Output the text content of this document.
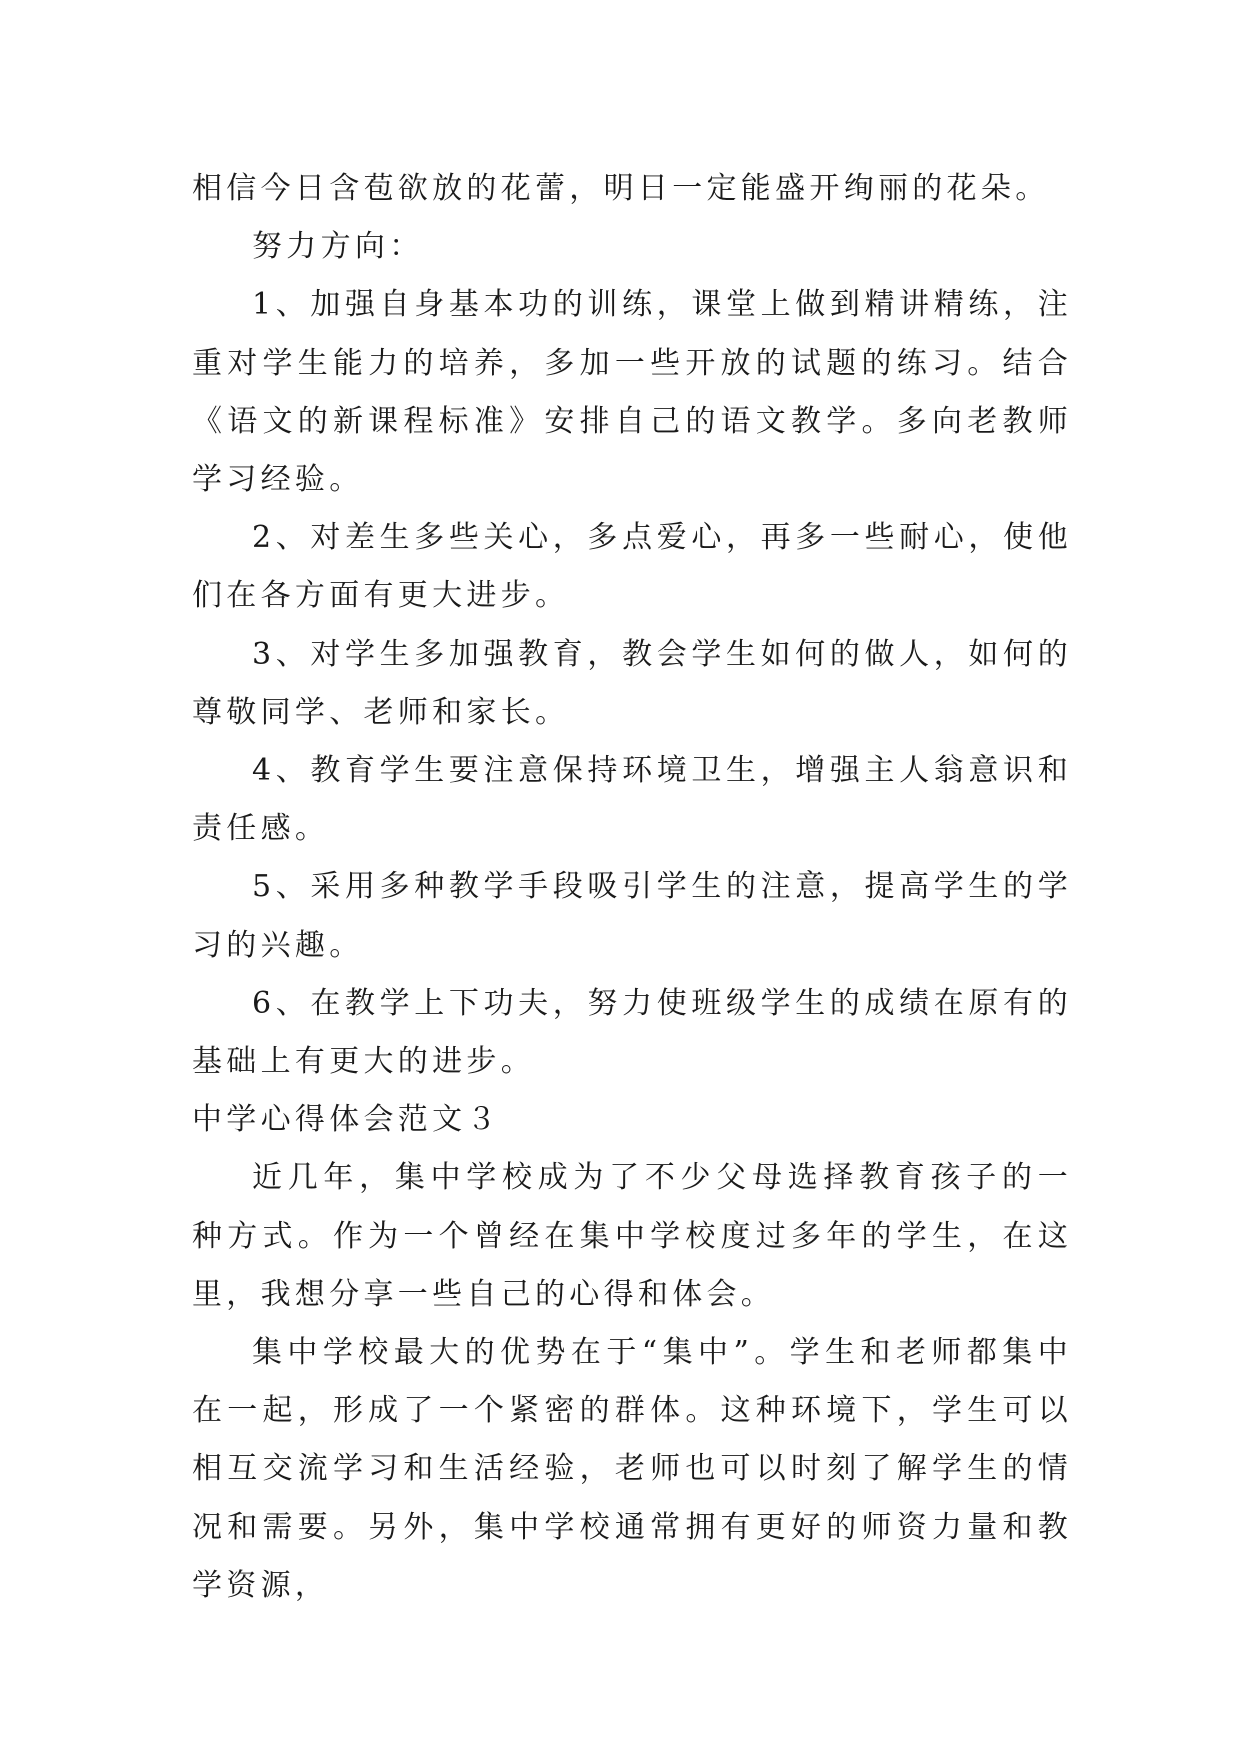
相信今日含苞欲放的花蕾，明日一定能盛开绚丽的花朵。

努力方向：

1、加强自身基本功的训练，课堂上做到精讲精练，注重对学生能力的培养，多加一些开放的试题的练习。结合《语文的新课程标准》安排自己的语文教学。多向老教师学习经验。

2、对差生多些关心，多点爱心，再多一些耐心，使他们在各方面有更大进步。

3、对学生多加强教育，教会学生如何的做人，如何的尊敬同学、老师和家长。

4、教育学生要注意保持环境卫生，增强主人翁意识和责任感。

5、采用多种教学手段吸引学生的注意，提高学生的学习的兴趣。

6、在教学上下功夫，努力使班级学生的成绩在原有的基础上有更大的进步。

中学心得体会范文３

近几年，集中学校成为了不少父母选择教育孩子的一种方式。作为一个曾经在集中学校度过多年的学生，在这里，我想分享一些自己的心得和体会。

集中学校最大的优势在于“集中”。学生和老师都集中在一起，形成了一个紧密的群体。这种环境下，学生可以相互交流学习和生活经验，老师也可以时刻了解学生的情况和需要。另外，集中学校通常拥有更好的师资力量和教学资源，
